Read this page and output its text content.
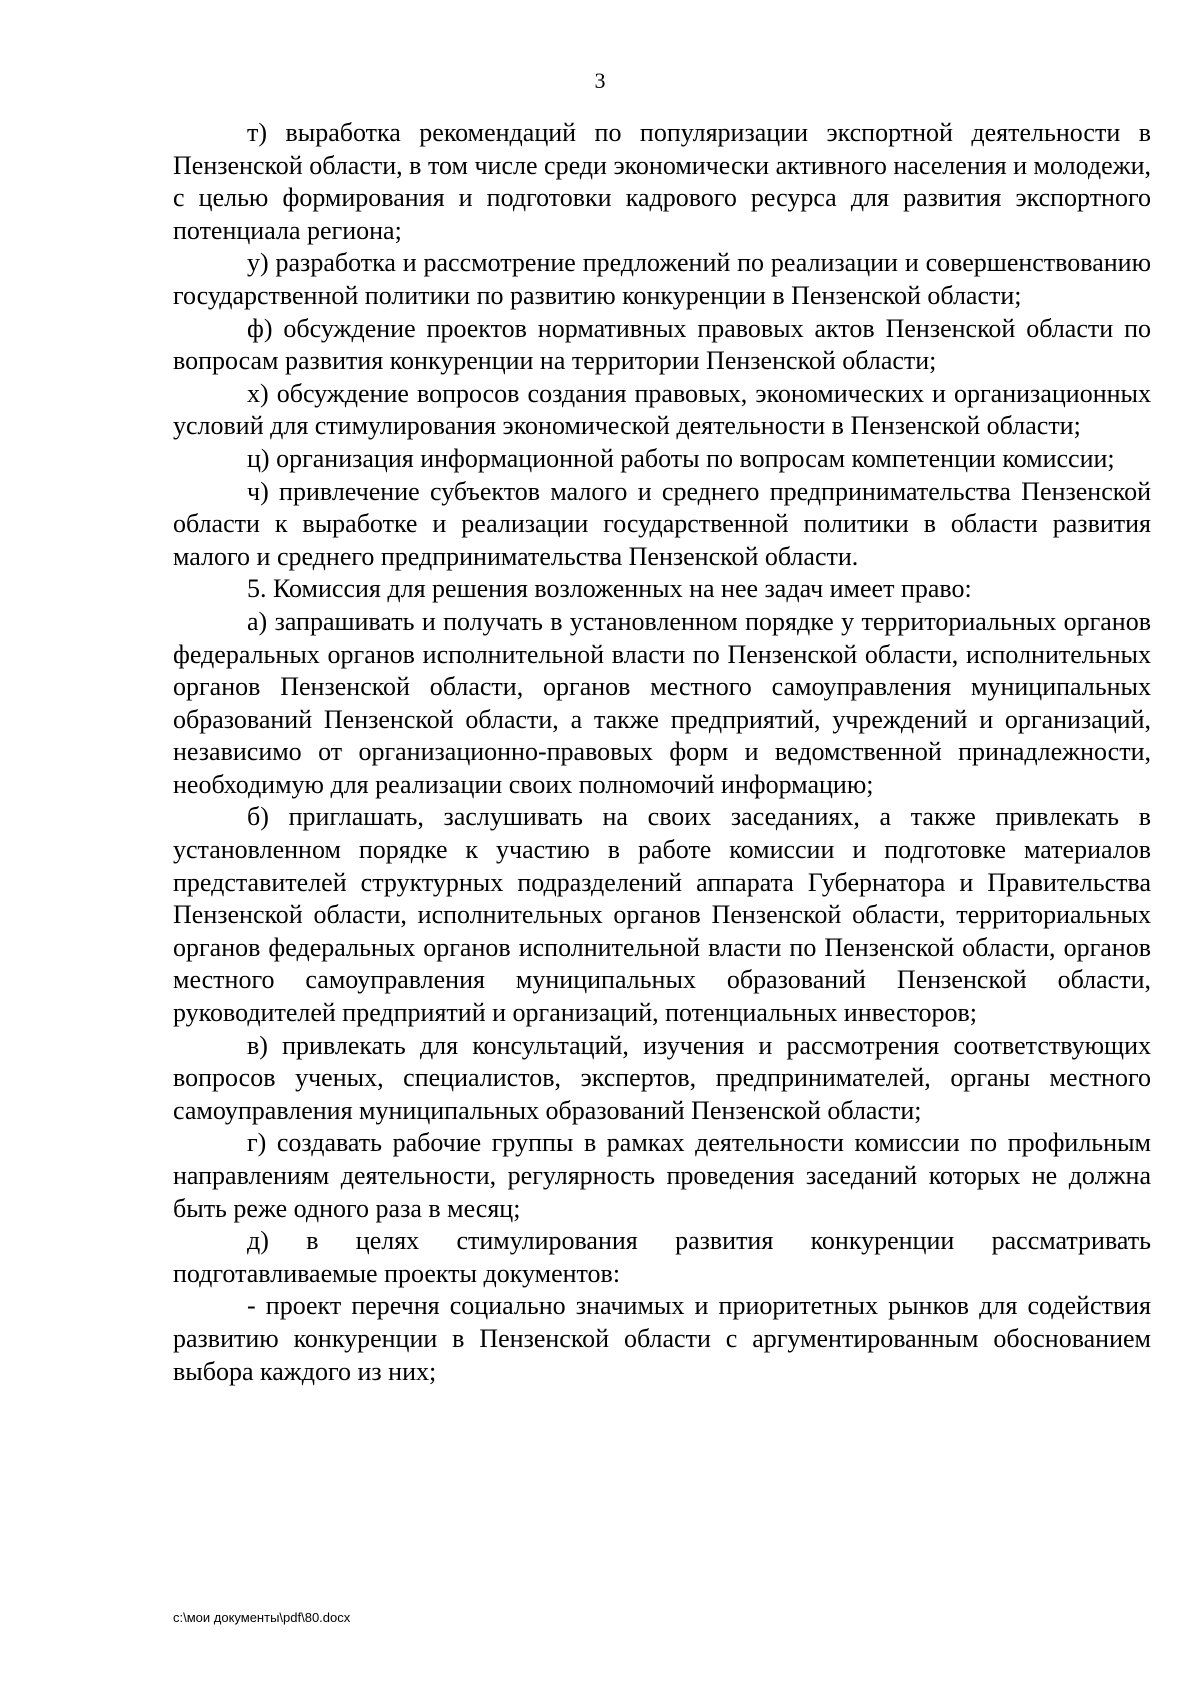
3

т) выработка рекомендаций по популяризации экспортной деятельности в Пензенской области, в том числе среди экономически активного населения и молодежи, с целью формирования и подготовки кадрового ресурса для развития экспортного потенциала региона;

у) разработка и рассмотрение предложений по реализации и совершенствованию государственной политики по развитию конкуренции в Пензенской области;

ф) обсуждение проектов нормативных правовых актов Пензенской области по вопросам развития конкуренции на территории Пензенской области;

х) обсуждение вопросов создания правовых, экономических и организационных условий для стимулирования экономической деятельности в Пензенской области;

ц) организация информационной работы по вопросам компетенции комиссии;

ч) привлечение субъектов малого и среднего предпринимательства Пензенской области к выработке и реализации государственной политики в области развития малого и среднего предпринимательства Пензенской области.

5. Комиссия для решения возложенных на нее задач имеет право:

а) запрашивать и получать в установленном порядке у территориальных органов федеральных органов исполнительной власти по Пензенской области, исполнительных органов Пензенской области, органов местного самоуправления муниципальных образований Пензенской области, а также предприятий, учреждений и организаций, независимо от организационно-правовых форм и ведомственной принадлежности, необходимую для реализации своих полномочий информацию;

б) приглашать, заслушивать на своих заседаниях, а также привлекать в установленном порядке к участию в работе комиссии и подготовке материалов представителей структурных подразделений аппарата Губернатора и Правительства Пензенской области, исполнительных органов Пензенской области, территориальных органов федеральных органов исполнительной власти по Пензенской области, органов местного самоуправления муниципальных образований Пензенской области, руководителей предприятий и организаций, потенциальных инвесторов;

в) привлекать для консультаций, изучения и рассмотрения соответствующих вопросов ученых, специалистов, экспертов, предпринимателей, органы местного самоуправления муниципальных образований Пензенской области;

г) создавать рабочие группы в рамках деятельности комиссии по профильным направлениям деятельности, регулярность проведения заседаний которых не должна быть реже одного раза в месяц;

д) в целях стимулирования развития конкуренции рассматривать подготавливаемые проекты документов:

- проект перечня социально значимых и приоритетных рынков для содействия развитию конкуренции в Пензенской области с аргументированным обоснованием выбора каждого из них;

c:\мои документы\pdf\80.docx
